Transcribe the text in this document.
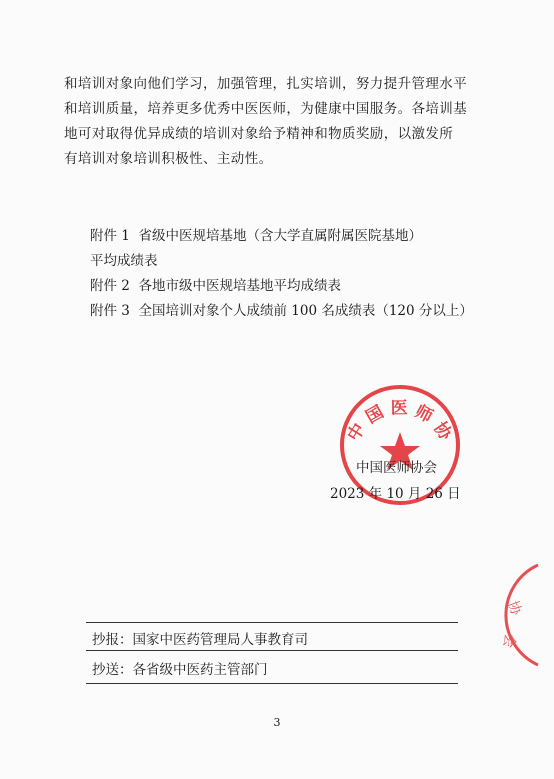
和培训对象向他们学习，加强管理，扎实培训，努力提升管理水平
和培训质量，培养更多优秀中医医师，为健康中国服务。各培训基
地可对取得优异成绩的培训对象给予精神和物质奖励，以激发所
有培训对象培训积极性、主动性。
附件 1 省级中医规培基地（含大学直属附属医院基地）
平均成绩表
附件 2 各地市级中医规培基地平均成绩表
附件 3 全国培训对象个人成绩前 100 名成绩表（120 分以上）
中 国 医 师 协
中国医师协会
2023 年 10 月 26 日
协
会
抄报：国家中医药管理局人事教育司
抄送：各省级中医药主管部门
3
